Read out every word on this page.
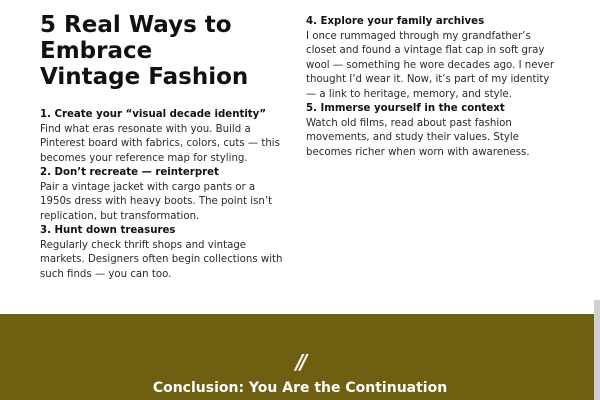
5 Real Ways to
Embrace
Vintage Fashion

1. Create your “visual decade identity”

Find what eras resonate with you. Build a
Pinterest board with fabrics, colors, cuts — this
becomes your reference map for styling.

2. Don’t recreate — reinterpret

Pair a vintage jacket with cargo pants or a
1950s dress with heavy boots. The point isn’t
replication, but transformation.

3. Hunt down treasures

Regularly check thrift shops and vintage
markets. Designers often begin collections with
such finds — you can too.

4. Explore your family archives

I once rummaged through my grandfather’s
closet and found a vintage flat cap in soft gray
wool — something he wore decades ago. I never
thought I’d wear it. Now, it’s part of my identity
— a link to heritage, memory, and style.

5. Immerse yourself in the context

Watch old films, read about past fashion
movements, and study their values. Style
becomes richer when worn with awareness.

//
Conclusion: You Are the Continuation
